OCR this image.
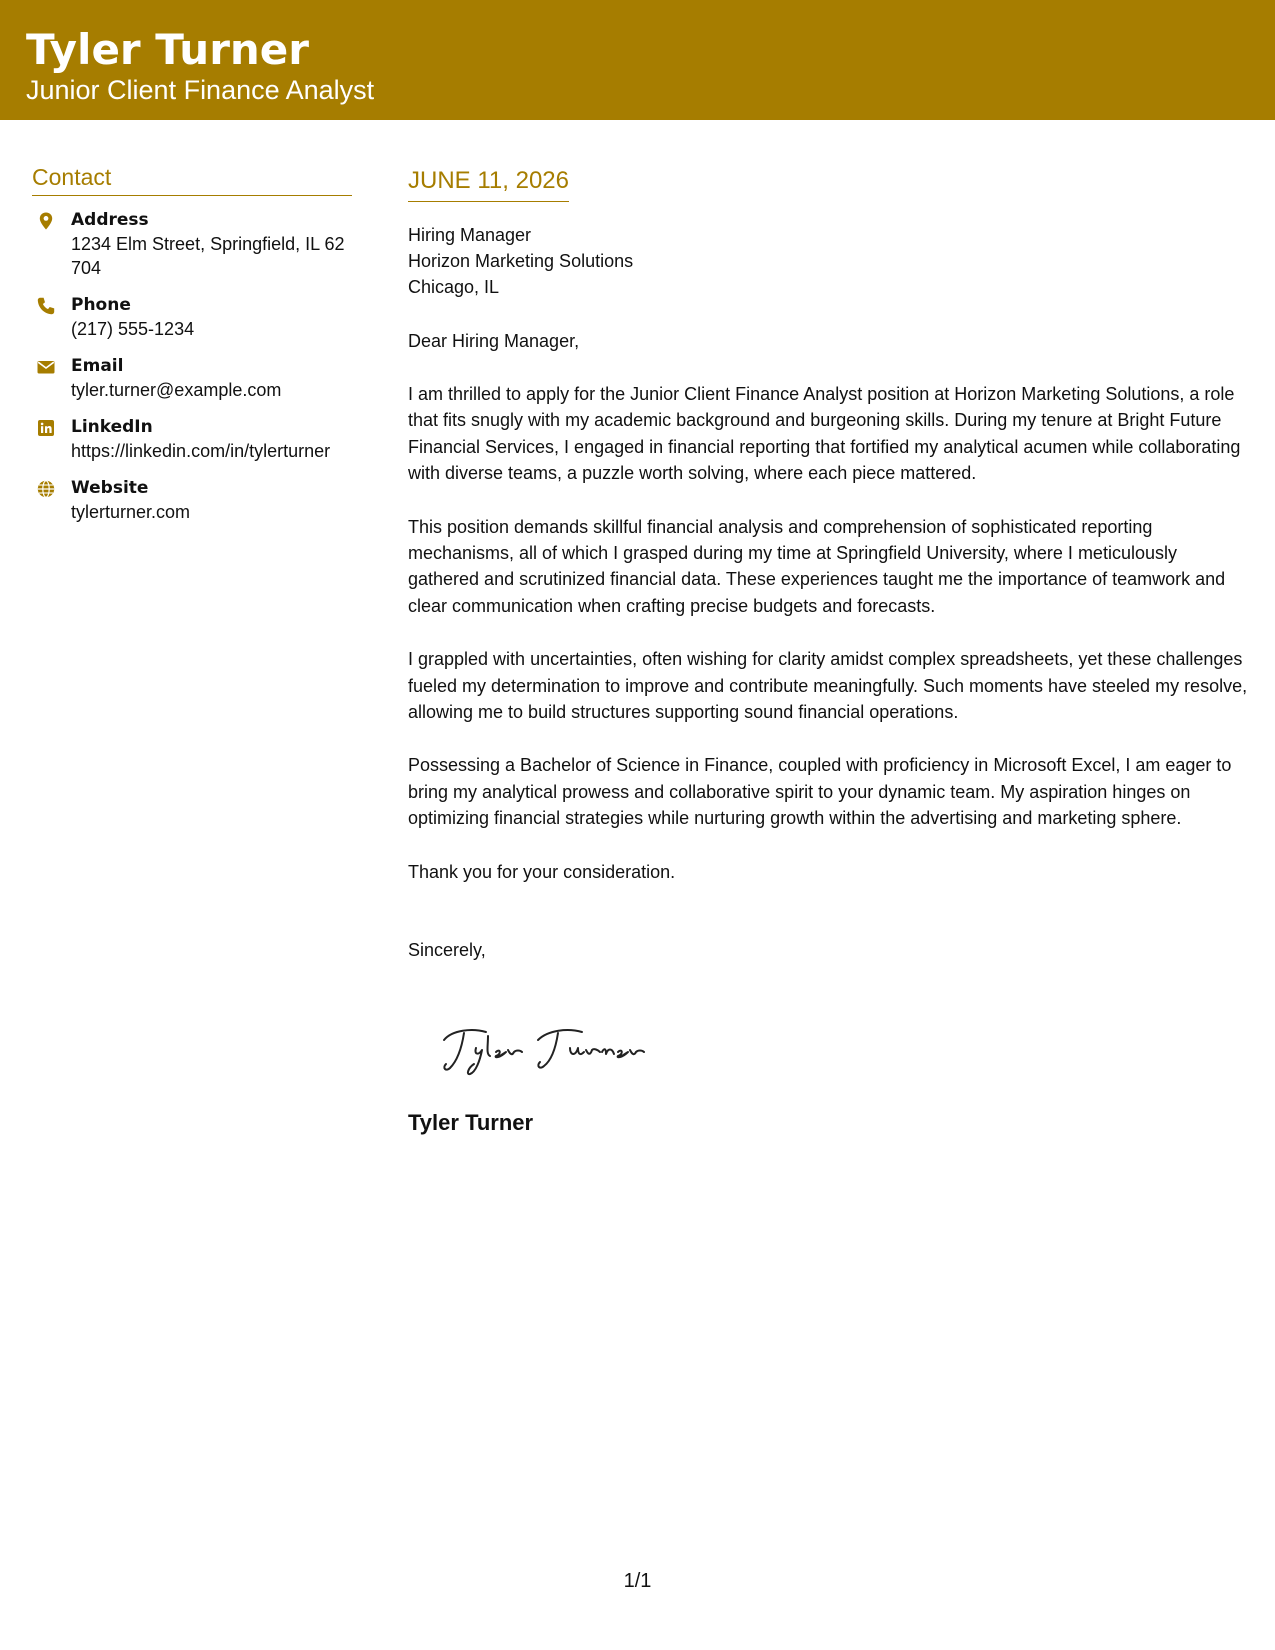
Tyler Turner
Junior Client Finance Analyst
Contact
Address
1234 Elm Street, Springfield, IL 62704
Phone
(217) 555-1234
Email
tyler.turner@example.com
LinkedIn
https://linkedin.com/in/tylerturner
Website
tylerturner.com
JUNE 11, 2026
Hiring Manager
Horizon Marketing Solutions
Chicago, IL
Dear Hiring Manager,
I am thrilled to apply for the Junior Client Finance Analyst position at Horizon Marketing Solutions, a role that fits snugly with my academic background and burgeoning skills. During my tenure at Bright Future Financial Services, I engaged in financial reporting that fortified my analytical acumen while collaborating with diverse teams, a puzzle worth solving, where each piece mattered.
This position demands skillful financial analysis and comprehension of sophisticated reporting mechanisms, all of which I grasped during my time at Springfield University, where I meticulously gathered and scrutinized financial data. These experiences taught me the importance of teamwork and clear communication when crafting precise budgets and forecasts.
I grappled with uncertainties, often wishing for clarity amidst complex spreadsheets, yet these challenges fueled my determination to improve and contribute meaningfully. Such moments have steeled my resolve, allowing me to build structures supporting sound financial operations.
Possessing a Bachelor of Science in Finance, coupled with proficiency in Microsoft Excel, I am eager to bring my analytical prowess and collaborative spirit to your dynamic team. My aspiration hinges on optimizing financial strategies while nurturing growth within the advertising and marketing sphere.
Thank you for your consideration.
Sincerely,
Tyler Turner
1/1
